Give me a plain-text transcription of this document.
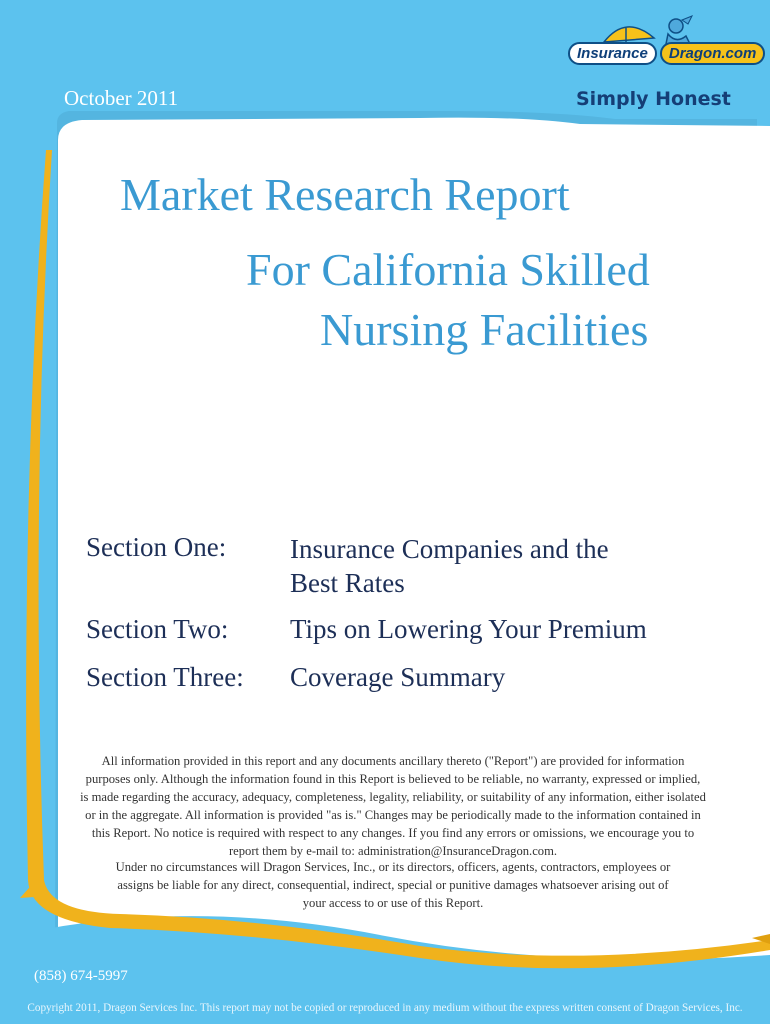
October 2011
Insurance	Dragon.com
Simply Honest
Market Research Report
For California Skilled
Nursing Facilities
Section One: Insurance Companies and the
Best Rates
Section Two: Tips on Lowering Your Premium
Section Three: Coverage Summary
All information provided in this report and any documents ancillary thereto ("Report") are provided for information
purposes only. Although the information found in this Report is believed to be reliable, no warranty, expressed or implied,
is made regarding the accuracy, adequacy, completeness, legality, reliability, or suitability of any information, either isolated
or in the aggregate. All information is provided "as is." Changes may be periodically made to the information contained in
this Report. No notice is required with respect to any changes. If you find any errors or omissions, we encourage you to
report them by e-mail to: administration@InsuranceDragon.com.
Under no circumstances will Dragon Services, Inc., or its directors, officers, agents, contractors, employees or
assigns be liable for any direct, consequential, indirect, special or punitive damages whatsoever arising out of
your access to or use of this Report.
(858) 674-5997
Copyright 2011, Dragon Services Inc. This report may not be copied or reproduced in any medium without the express written consent of Dragon Services, Inc.
